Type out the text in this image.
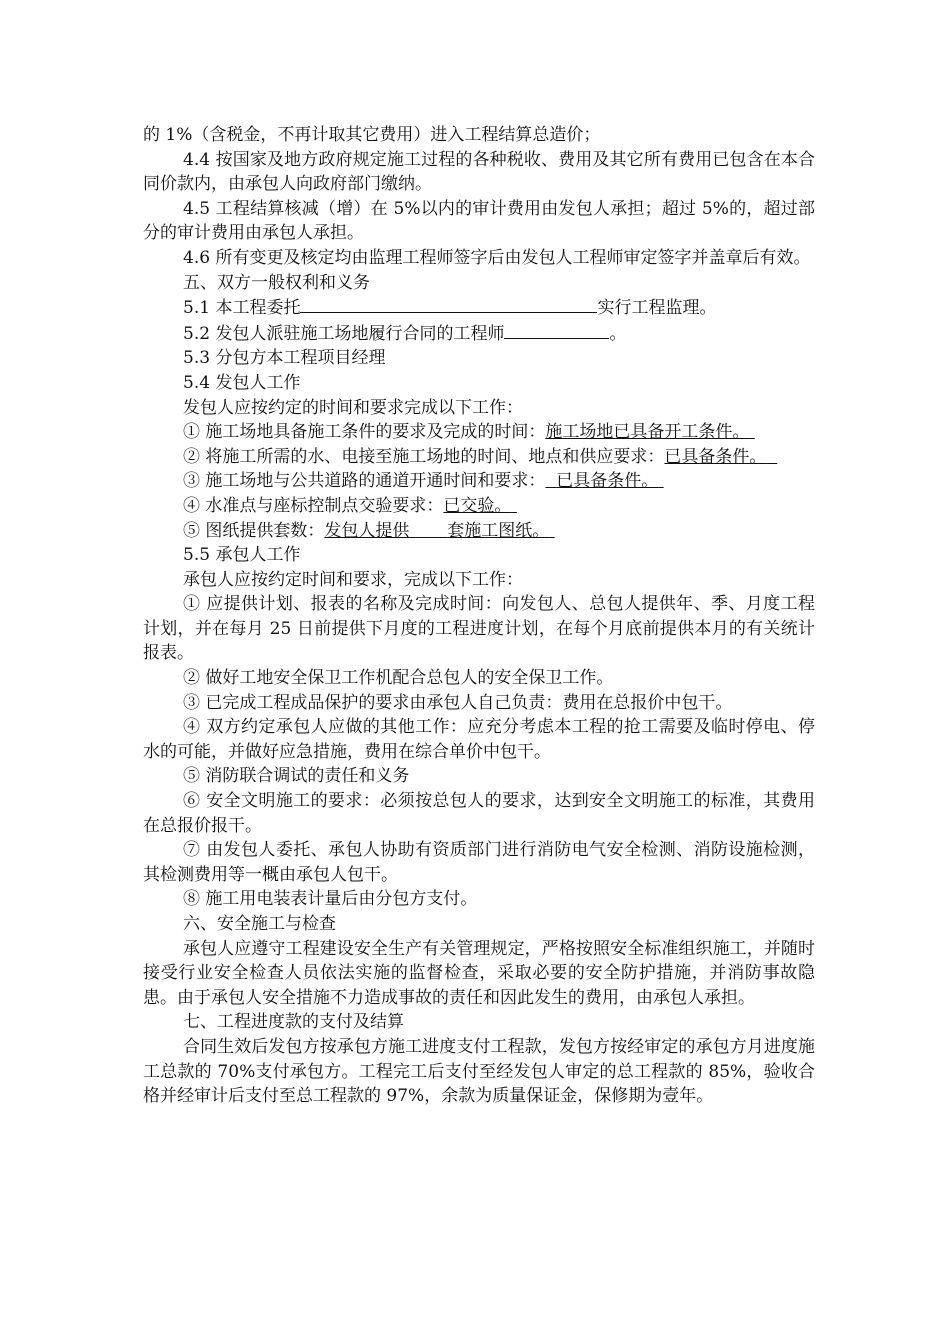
的 1%（含税金，不再计取其它费用）进入工程结算总造价；

4.4 按国家及地方政府规定施工过程的各种税收、费用及其它所有费用已包含在本合同价款内，由承包人向政府部门缴纳。

4.5 工程结算核减（增）在 5%以内的审计费用由发包人承担；超过 5%的，超过部分的审计费用由承包人承担。

4.6 所有变更及核定均由监理工程师签字后由发包人工程师审定签字并盖章后有效。

五、双方一般权利和义务

5.1 本工程委托	实行工程监理。

5.2 发包人派驻施工场地履行合同的工程师	。

5.3 分包方本工程项目经理

5.4 发包人工作

发包人应按约定的时间和要求完成以下工作：

① 施工场地具备施工条件的要求及完成的时间：施工场地已具备开工条件。

② 将施工所需的水、电接至施工场地的时间、地点和供应要求：已具备条件。

③ 施工场地与公共道路的通道开通时间和要求： 已具备条件。

④ 水准点与座标控制点交验要求：已交验。

⑤ 图纸提供套数：发包人提供 套施工图纸。

5.5 承包人工作

承包人应按约定时间和要求，完成以下工作：

① 应提供计划、报表的名称及完成时间：向发包人、总包人提供年、季、月度工程计划，并在每月 25 日前提供下月度的工程进度计划，在每个月底前提供本月的有关统计报表。

② 做好工地安全保卫工作机配合总包人的安全保卫工作。

③ 已完成工程成品保护的要求由承包人自己负责：费用在总报价中包干。

④ 双方约定承包人应做的其他工作：应充分考虑本工程的抢工需要及临时停电、停水的可能，并做好应急措施，费用在综合单价中包干。

⑤ 消防联合调试的责任和义务

⑥ 安全文明施工的要求：必须按总包人的要求，达到安全文明施工的标准，其费用在总报价报干。

⑦ 由发包人委托、承包人协助有资质部门进行消防电气安全检测、消防设施检测，其检测费用等一概由承包人包干。

⑧ 施工用电装表计量后由分包方支付。

六、安全施工与检查

承包人应遵守工程建设安全生产有关管理规定，严格按照安全标准组织施工，并随时接受行业安全检查人员依法实施的监督检查，采取必要的安全防护措施，并消防事故隐患。由于承包人安全措施不力造成事故的责任和因此发生的费用，由承包人承担。

七、工程进度款的支付及结算

合同生效后发包方按承包方施工进度支付工程款，发包方按经审定的承包方月进度施工总款的 70%支付承包方。工程完工后支付至经发包人审定的总工程款的 85%，验收合格并经审计后支付至总工程款的 97%，余款为质量保证金，保修期为壹年。
